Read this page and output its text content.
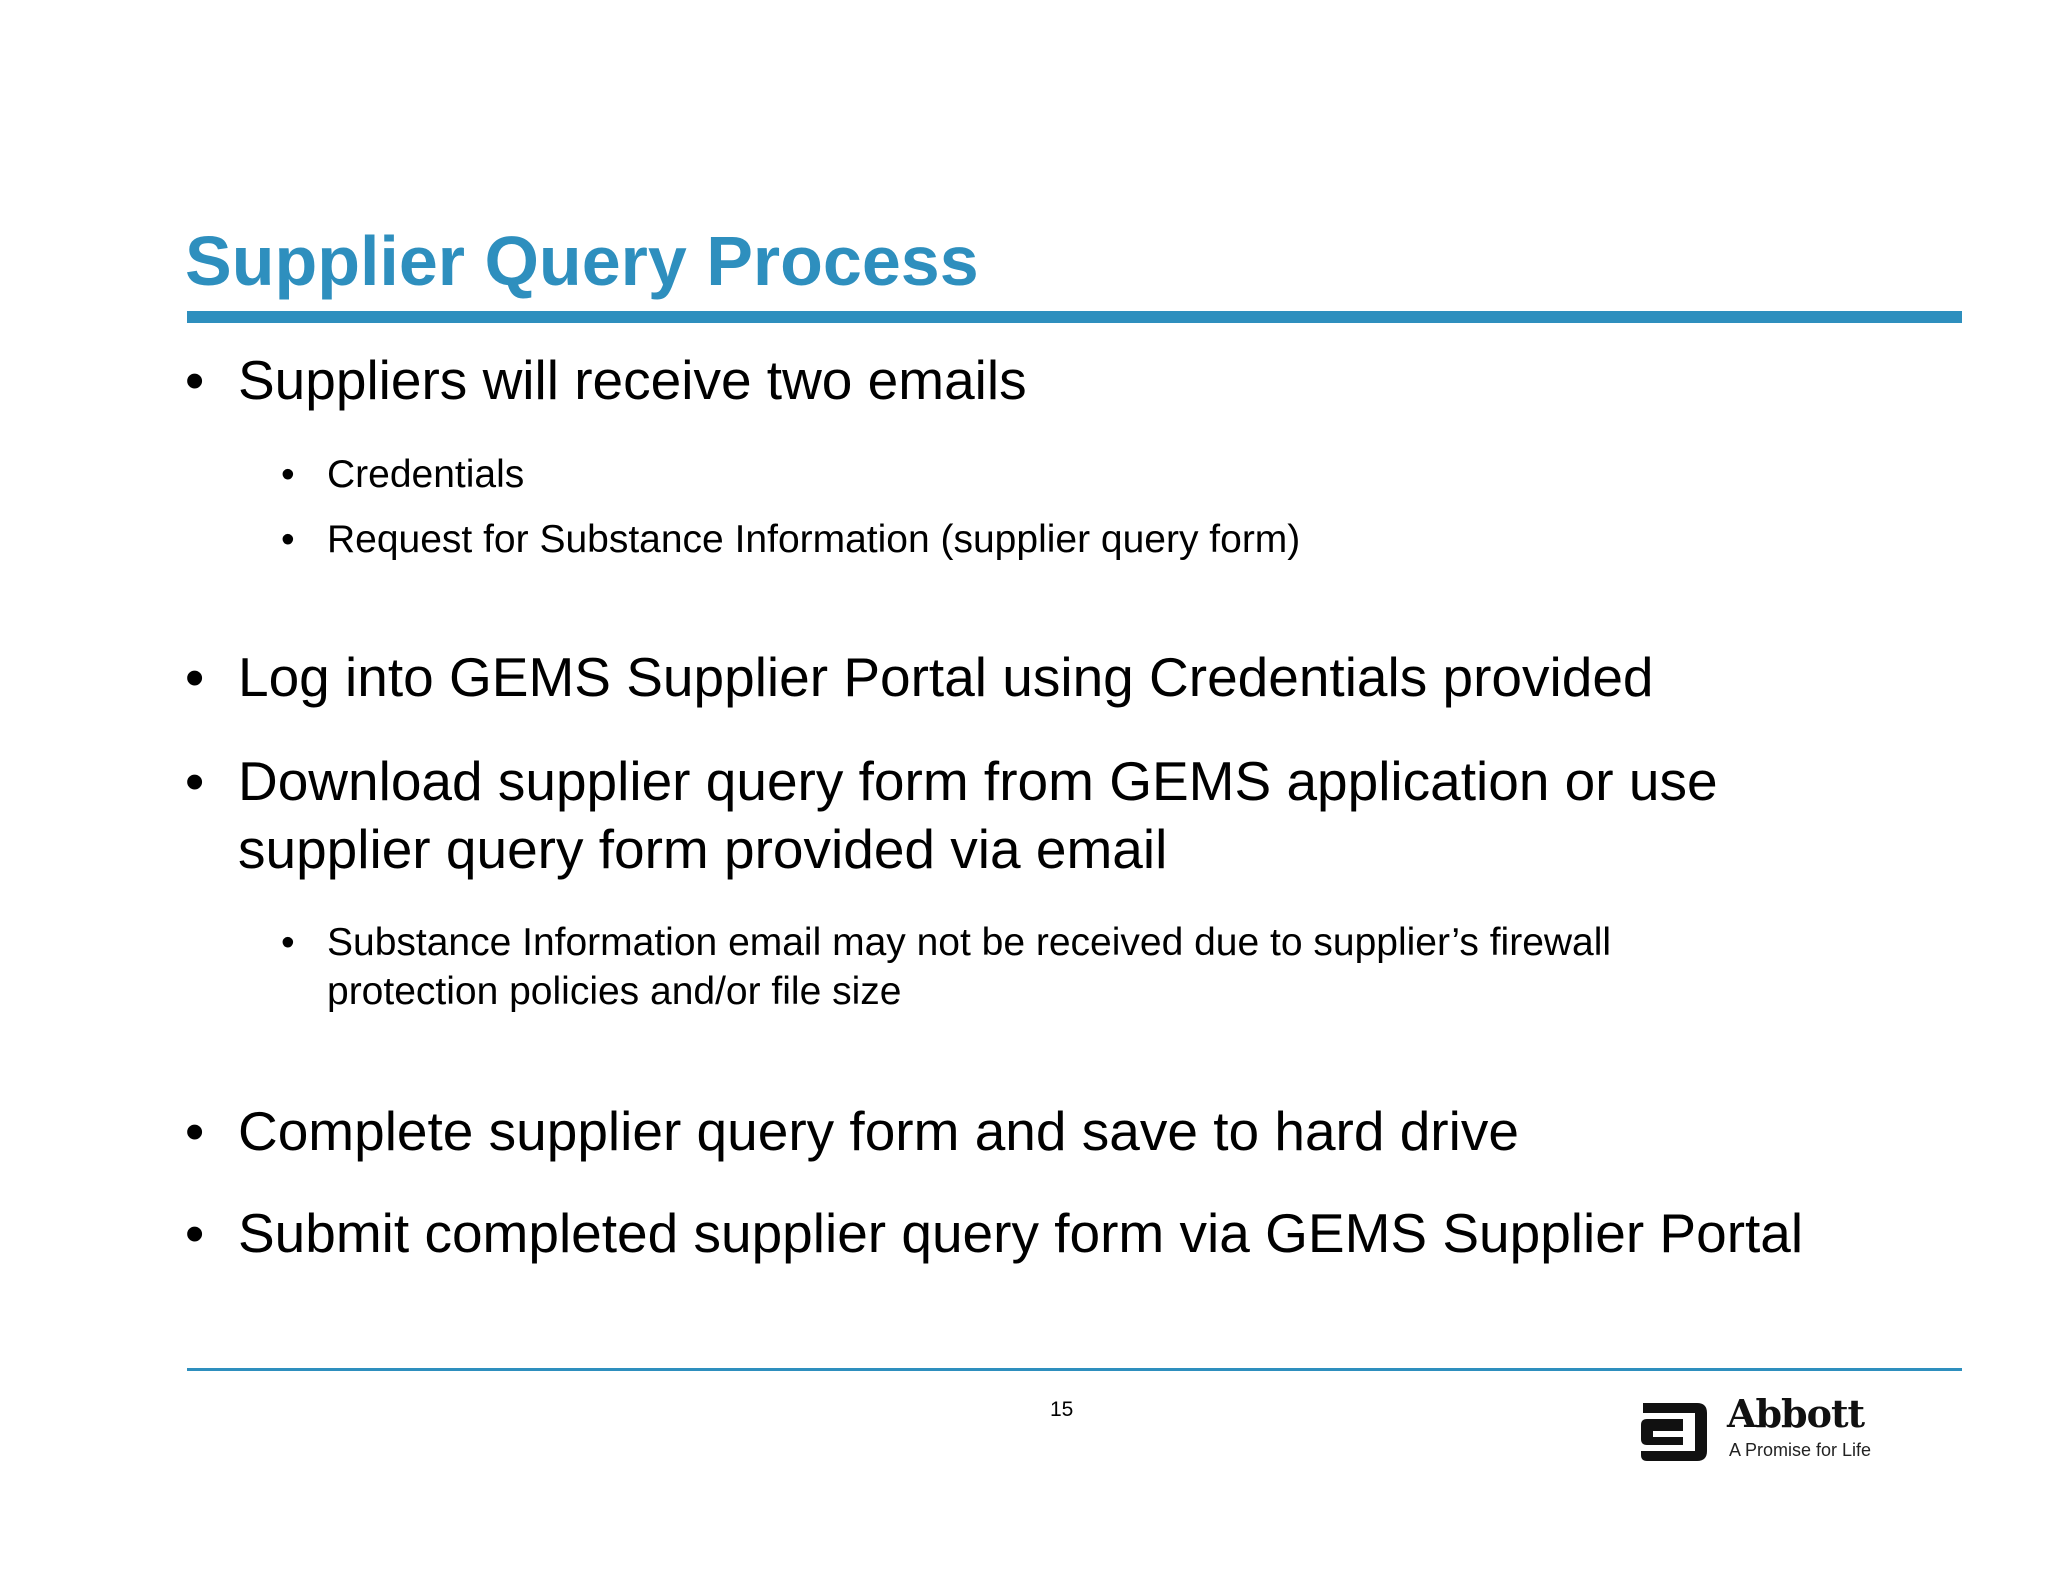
Supplier Query Process
• Suppliers will receive two emails
• Credentials
• Request for Substance Information (supplier query form)
• Log into GEMS Supplier Portal using Credentials provided
• Download supplier query form from GEMS application or use
supplier query form provided via email
• Substance Information email may not be received due to supplier’s firewall
protection policies and/or file size
• Complete supplier query form and save to hard drive
• Submit completed supplier query form via GEMS Supplier Portal
15	Abbott
A Promise for Life
